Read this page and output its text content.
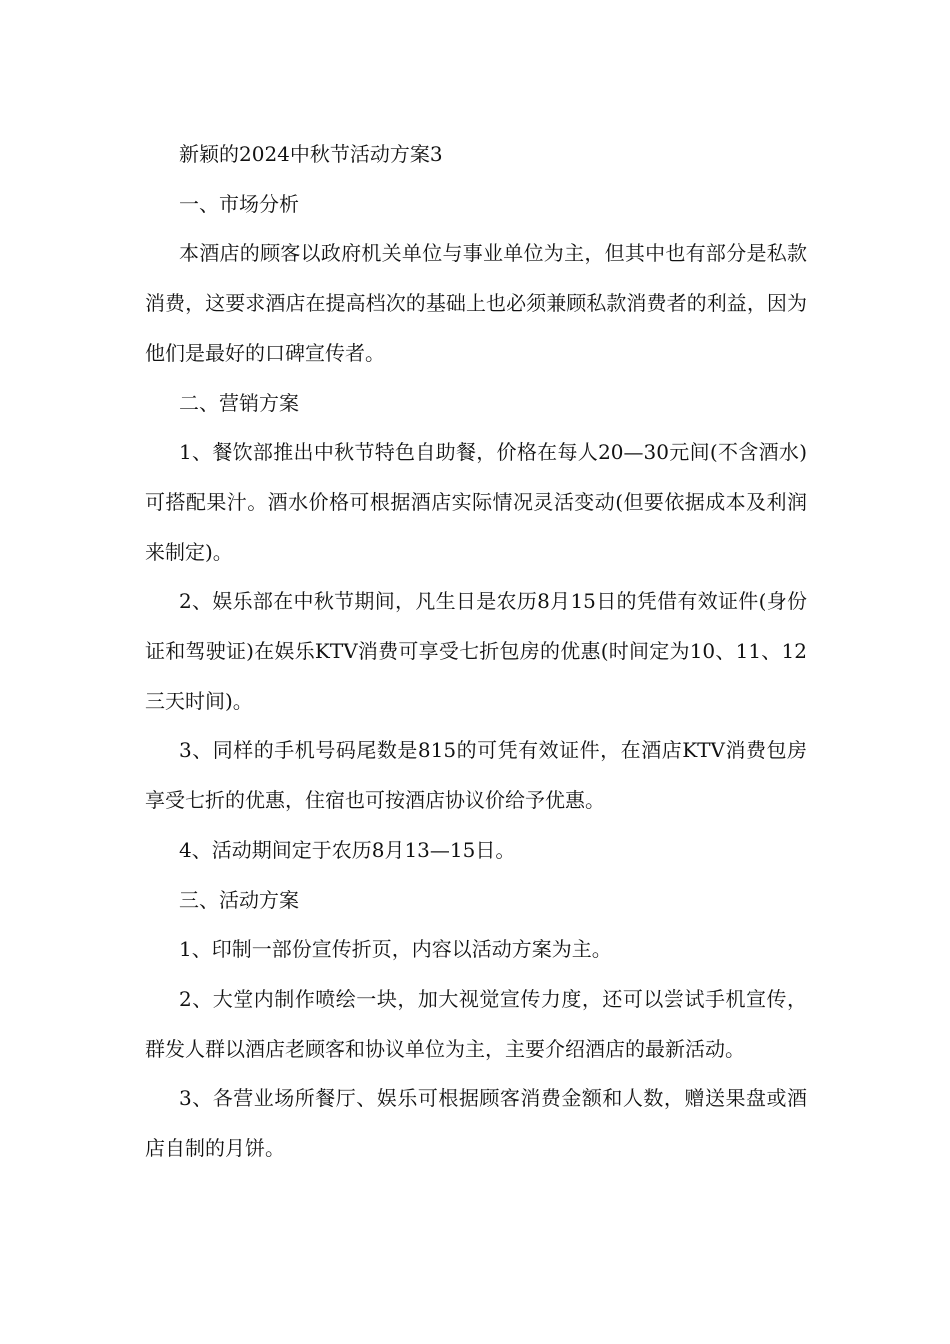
新颖的2024中秋节活动方案3

一、市场分析

本酒店的顾客以政府机关单位与事业单位为主，但其中也有部分是私款消费，这要求酒店在提高档次的基础上也必须兼顾私款消费者的利益，因为他们是最好的口碑宣传者。

二、营销方案

1、餐饮部推出中秋节特色自助餐，价格在每人20—30元间(不含酒水)可搭配果汁。酒水价格可根据酒店实际情况灵活变动(但要依据成本及利润来制定)。

2、娱乐部在中秋节期间，凡生日是农历8月15日的凭借有效证件(身份证和驾驶证)在娱乐KTV消费可享受七折包房的优惠(时间定为10、11、12三天时间)。

3、同样的手机号码尾数是815的可凭有效证件，在酒店KTV消费包房享受七折的优惠，住宿也可按酒店协议价给予优惠。

4、活动期间定于农历8月13—15日。

三、活动方案

1、印制一部份宣传折页，内容以活动方案为主。

2、大堂内制作喷绘一块，加大视觉宣传力度，还可以尝试手机宣传，群发人群以酒店老顾客和协议单位为主，主要介绍酒店的最新活动。

3、各营业场所餐厅、娱乐可根据顾客消费金额和人数，赠送果盘或酒店自制的月饼。
